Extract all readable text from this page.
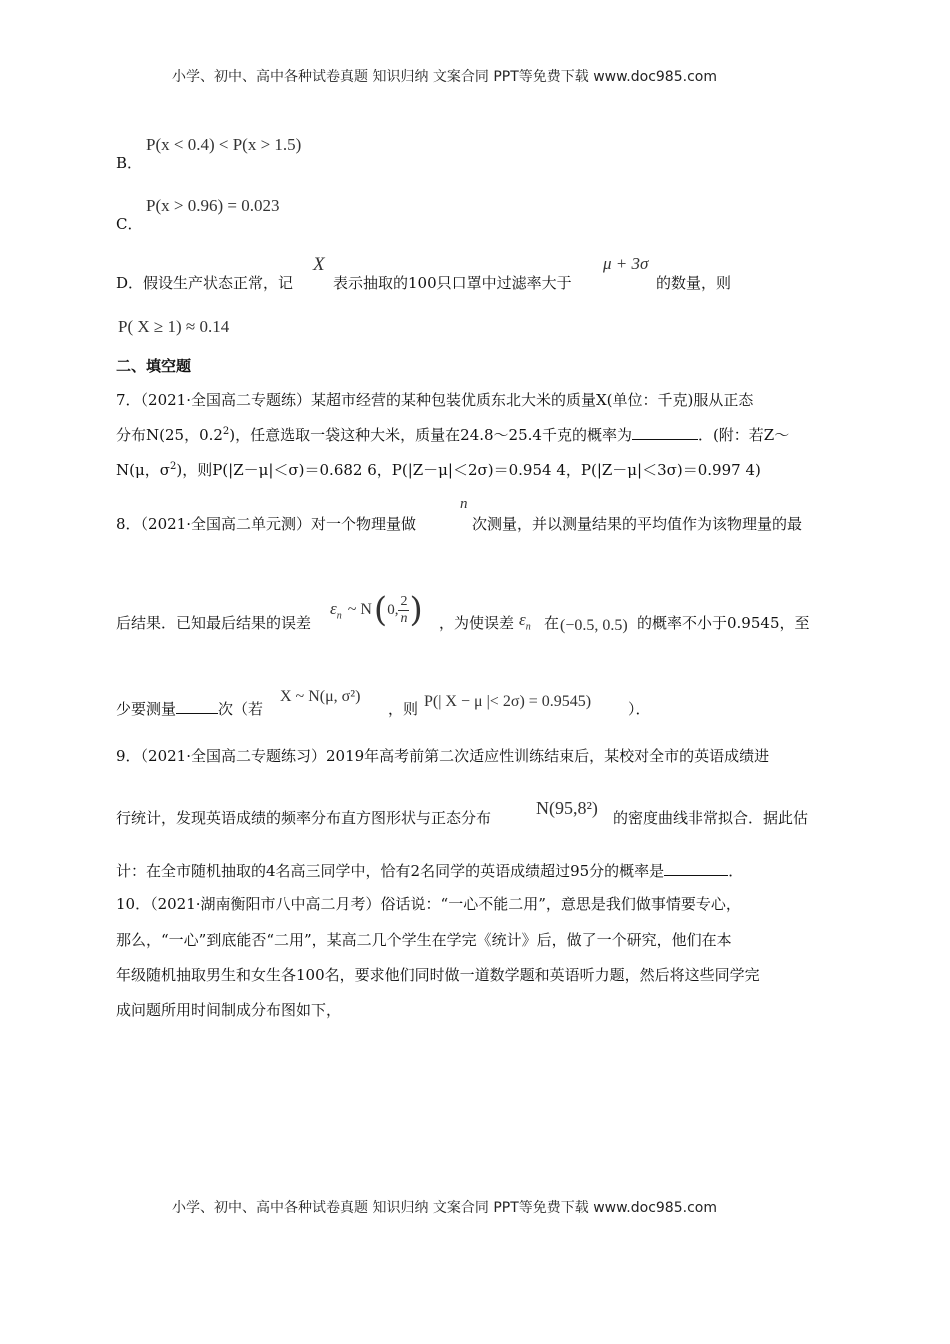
小学、初中、高中各种试卷真题 知识归纳 文案合同 PPT等免费下载 www.doc985.com
P(x < 0.4) < P(x > 1.5)
B．
P(x > 0.96) = 0.023
C．
D．假设生产状态正常，记
X
表示抽取的100只口罩中过滤率大于
μ + 3σ
的数量，则
P( X ≥ 1) ≈ 0.14
二、填空题
7．（2021·全国高二专题练）某超市经营的某种包装优质东北大米的质量X(单位：千克)服从正态
分布N(25，$0.2^2$)，任意选取一袋这种大米，质量在24.8～25.4千克的概率为	．(附：若Z～
N(μ，$\sigma^2$)，则P(|Z－μ|＜σ)＝0.682 6，P(|Z－μ|＜2σ)＝0.954 4，P(|Z－μ|＜3σ)＝0.997 4)
8．（2021·全国高二单元测）对一个物理量做
n
次测量，并以测量结果的平均值作为该物理量的最
后结果．已知最后结果的误差
$\varepsilon_n$ ~ N ( 0, $\frac{2}{n}$ ) ，为使误差 $\varepsilon_n$ 在 (−0.5, 0.5) 的概率不小于0.9545，至
少要测量	次（若
X ~ N(μ, σ²)
，则 P(| X − μ |< 2σ) = 0.9545) ）．
9．（2021·全国高二专题练习）2019年高考前第二次适应性训练结束后，某校对全市的英语成绩进
行统计，发现英语成绩的频率分布直方图形状与正态分布 N(95,8²) 的密度曲线非常拟合．据此估
计：在全市随机抽取的4名高三同学中，恰有2名同学的英语成绩超过95分的概率是	．
10．（2021·湖南衡阳市八中高二月考）俗话说：“一心不能二用”，意思是我们做事情要专心，
那么，“一心”到底能否“二用”，某高二几个学生在学完《统计》后，做了一个研究，他们在本
年级随机抽取男生和女生各100名，要求他们同时做一道数学题和英语听力题，然后将这些同学完
成问题所用时间制成分布图如下，
小学、初中、高中各种试卷真题 知识归纳 文案合同 PPT等免费下载 www.doc985.com
